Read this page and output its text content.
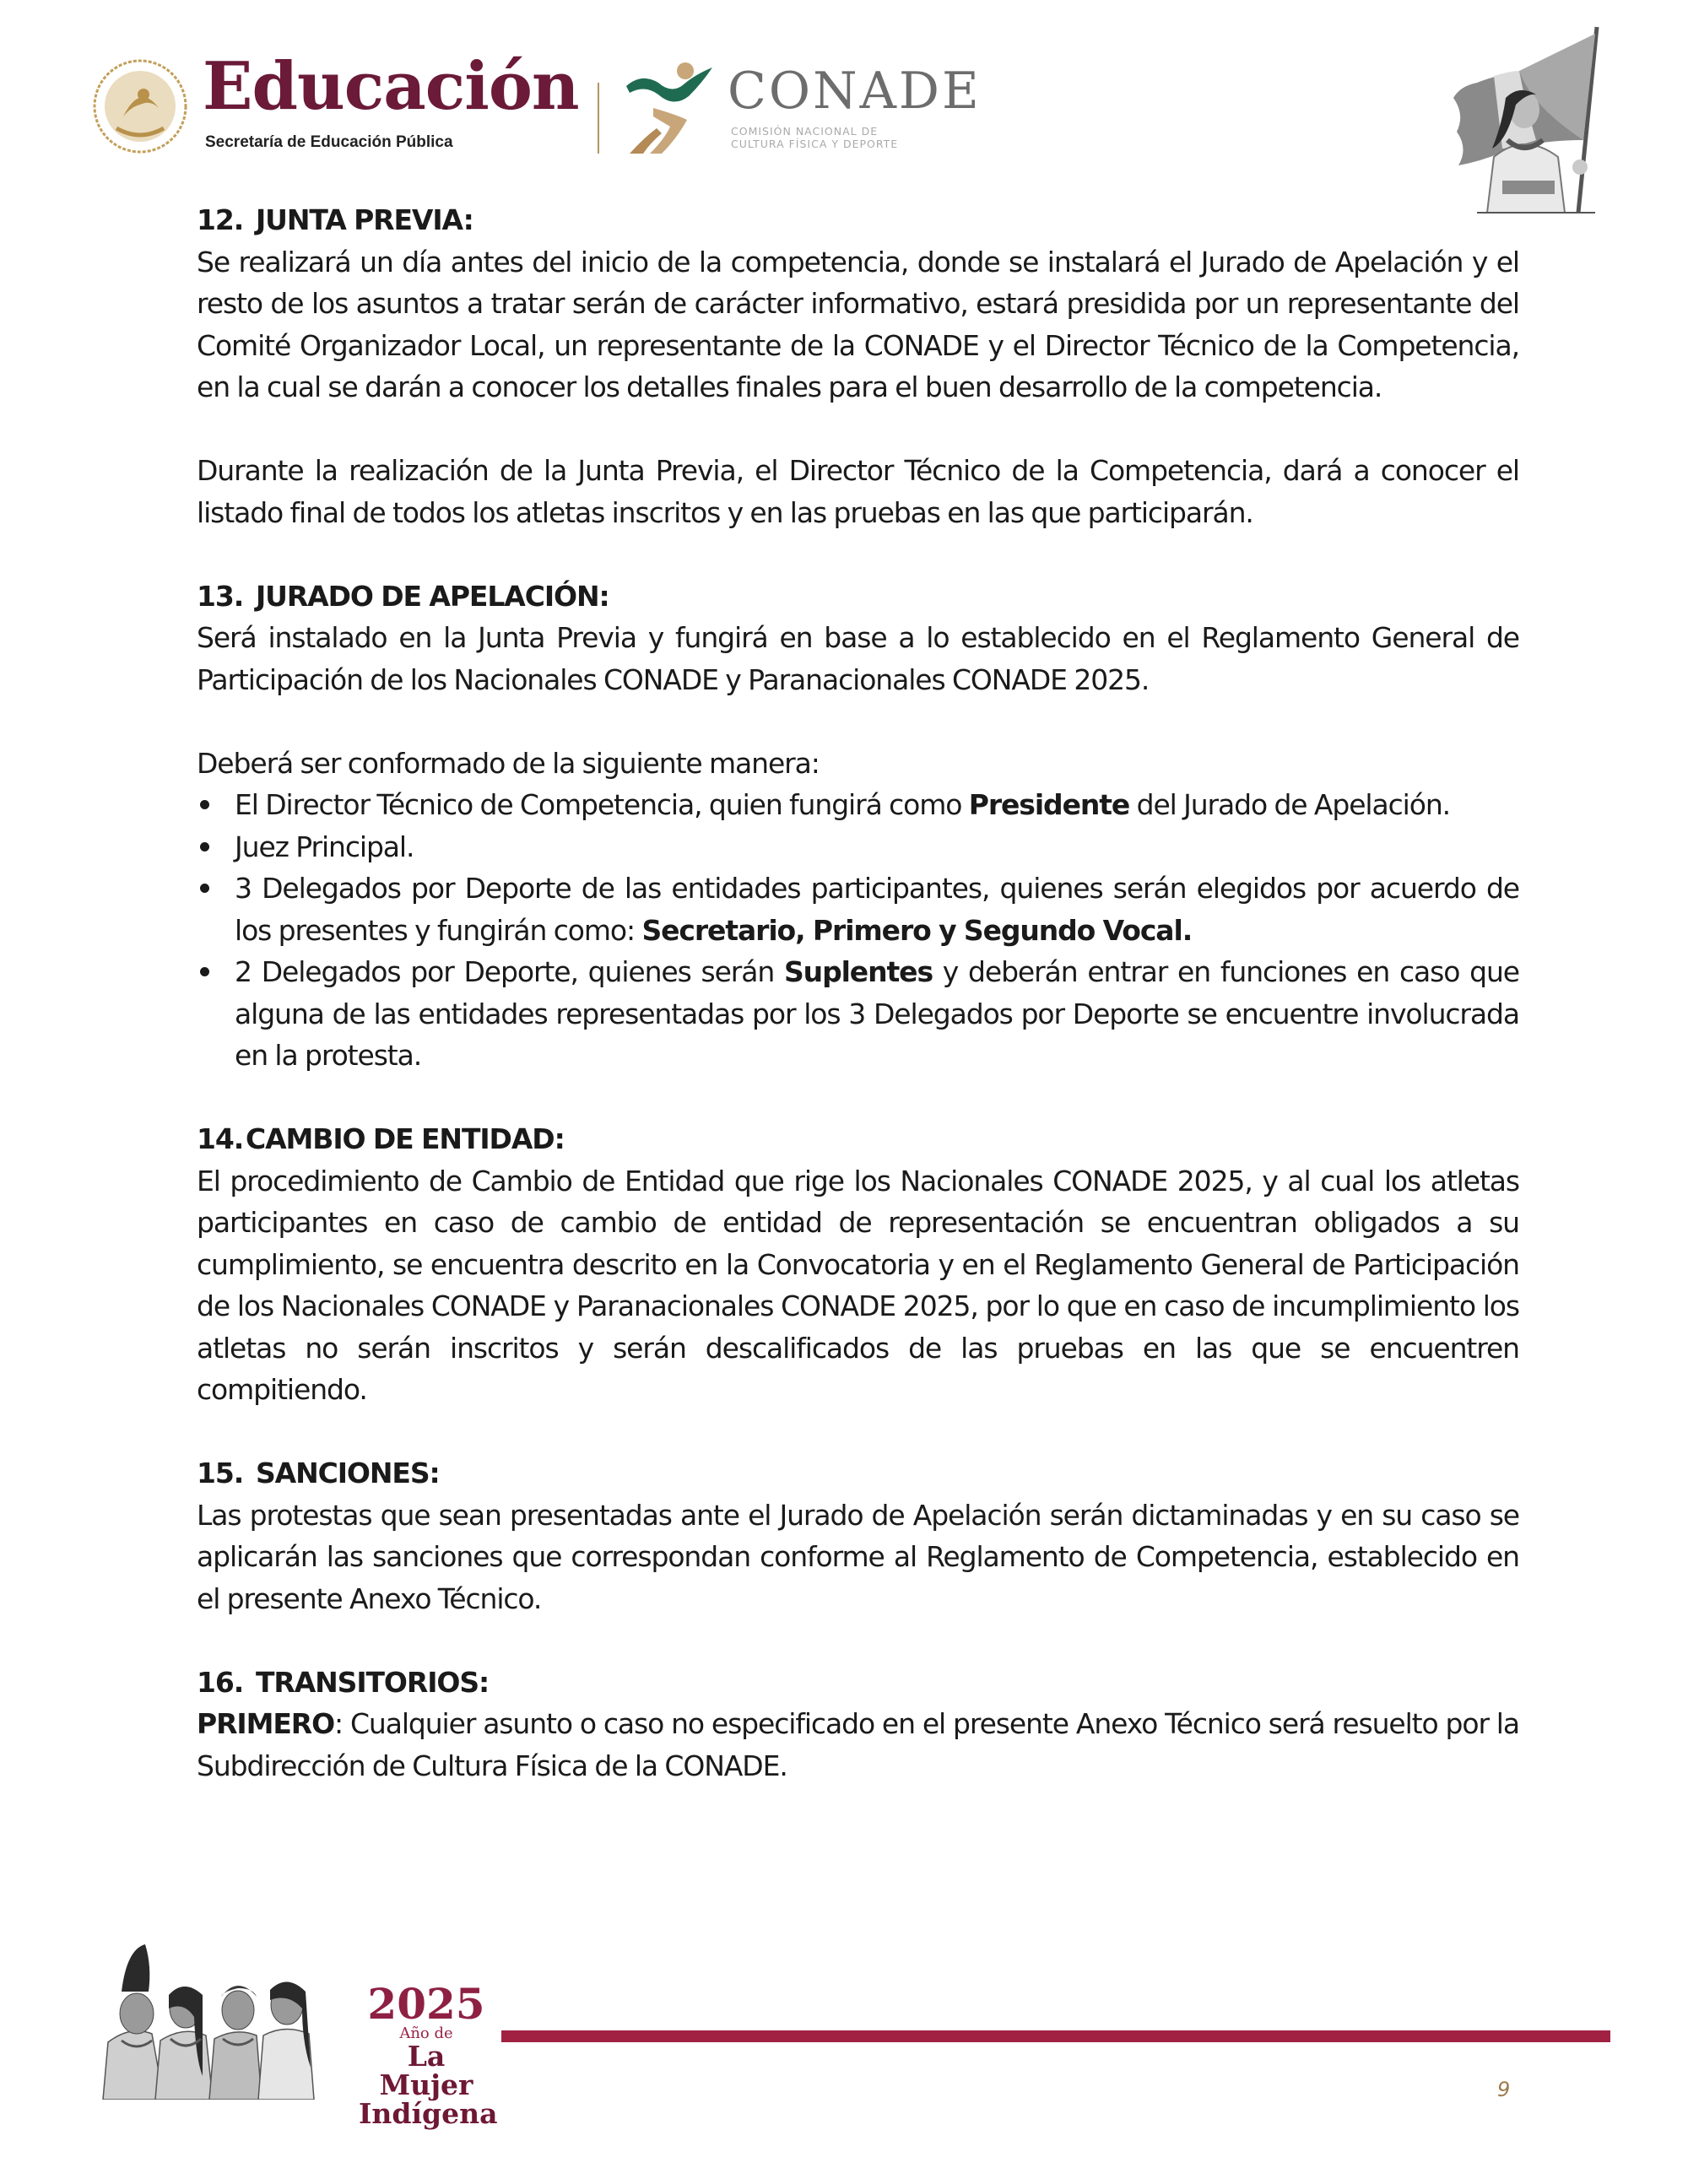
Educación
Secretaría de Educación Pública
CONADE
COMISIÓN NACIONAL DE
CULTURA FÍSICA Y DEPORTE

12. JUNTA PREVIA:

Se realizará un día antes del inicio de la competencia, donde se instalará el Jurado de Apelación y el resto de los asuntos a tratar serán de carácter informativo, estará presidida por un representante del Comité Organizador Local, un representante de la CONADE y el Director Técnico de la Competencia, en la cual se darán a conocer los detalles finales para el buen desarrollo de la competencia.

Durante la realización de la Junta Previa, el Director Técnico de la Competencia, dará a conocer el listado final de todos los atletas inscritos y en las pruebas en las que participarán.

13. JURADO DE APELACIÓN:

Será instalado en la Junta Previa y fungirá en base a lo establecido en el Reglamento General de Participación de los Nacionales CONADE y Paranacionales CONADE 2025.

Deberá ser conformado de la siguiente manera:

El Director Técnico de Competencia, quien fungirá como Presidente del Jurado de Apelación.
Juez Principal.
3 Delegados por Deporte de las entidades participantes, quienes serán elegidos por acuerdo de los presentes y fungirán como: Secretario, Primero y Segundo Vocal.
2 Delegados por Deporte, quienes serán Suplentes y deberán entrar en funciones en caso que alguna de las entidades representadas por los 3 Delegados por Deporte se encuentre involucrada en la protesta.

14.CAMBIO DE ENTIDAD:

El procedimiento de Cambio de Entidad que rige los Nacionales CONADE 2025, y al cual los atletas participantes en caso de cambio de entidad de representación se encuentran obligados a su cumplimiento, se encuentra descrito en la Convocatoria y en el Reglamento General de Participación de los Nacionales CONADE y Paranacionales CONADE 2025, por lo que en caso de incumplimiento los atletas no serán inscritos y serán descalificados de las pruebas en las que se encuentren compitiendo.

15. SANCIONES:

Las protestas que sean presentadas ante el Jurado de Apelación serán dictaminadas y en su caso se aplicarán las sanciones que correspondan conforme al Reglamento de Competencia, establecido en el presente Anexo Técnico.

16. TRANSITORIOS:

PRIMERO: Cualquier asunto o caso no especificado en el presente Anexo Técnico será resuelto por la Subdirección de Cultura Física de la CONADE.

2025
Año de
La Mujer
Indígena
9
